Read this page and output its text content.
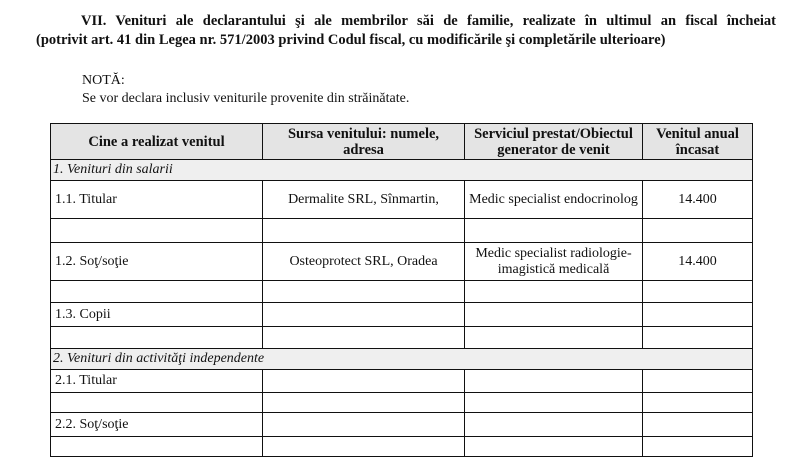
VII. Venituri ale declarantului şi ale membrilor săi de familie, realizate în ultimul an fiscal încheiat
(potrivit art. 41 din Legea nr. 571/2003 privind Codul fiscal, cu modificările şi completările ulterioare)
NOTĂ:
Se vor declara inclusiv veniturile provenite din străinătate.
Cine a realizat venitul	Sursa venitului: numele, adresa	Serviciul prestat/Obiectul generator de venit	Venitul anual încasat
1. Venituri din salarii			
1.1. Titular	Dermalite SRL, Sînmartin,	Medic specialist endocrinolog	14.400

1.2. Soţ/soţie	Osteoprotect SRL, Oradea	Medic specialist radiologie-imagistică medicală	14.400

1.3. Copii			

2. Venituri din activităţi independente			
2.1. Titular			

2.2. Soţ/soţie			
